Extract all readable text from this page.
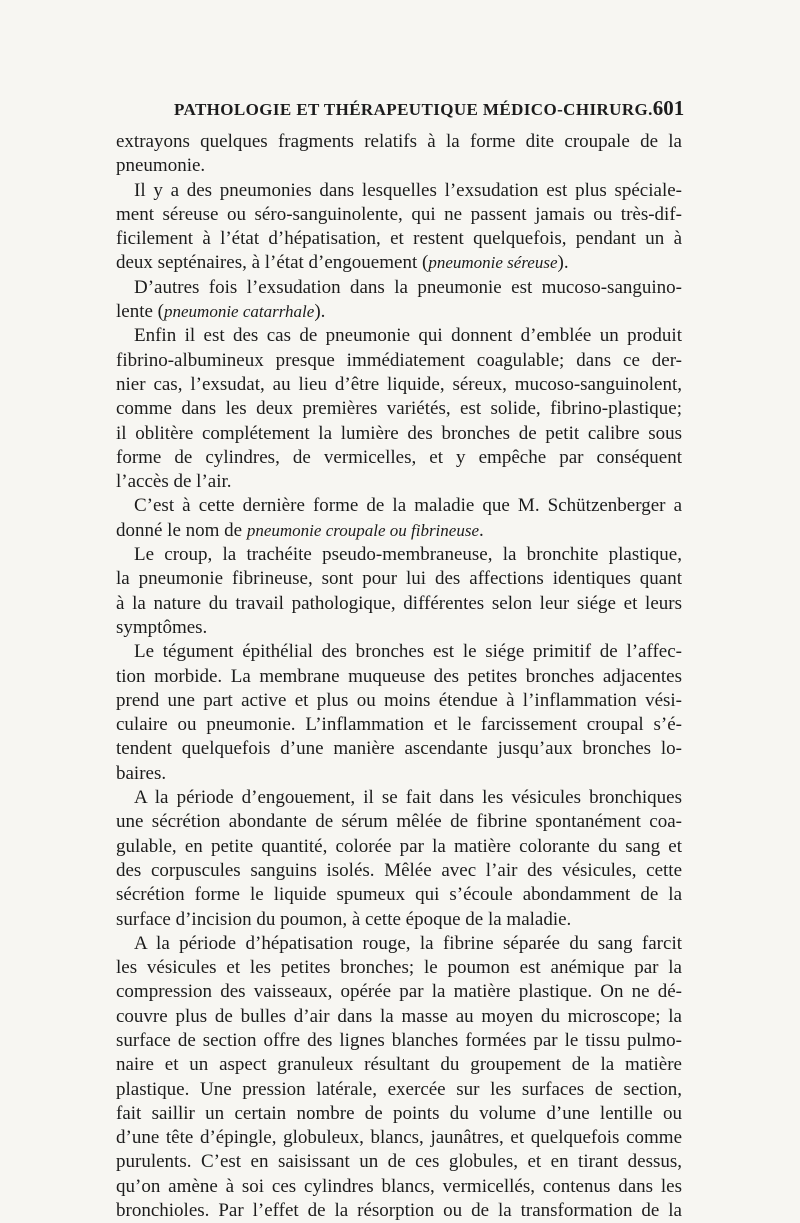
PATHOLOGIE ET THÉRAPEUTIQUE MÉDICO-CHIRURG. 601
extrayons quelques fragments relatifs à la forme dite croupale de la
pneumonie.
Il y a des pneumonies dans lesquelles l’exsudation est plus spéciale-
ment séreuse ou séro-sanguinolente, qui ne passent jamais ou très-dif-
ficilement à l’état d’hépatisation, et restent quelquefois, pendant un à
deux septénaires, à l’état d’engouement (pneumonie séreuse).
D’autres fois l’exsudation dans la pneumonie est mucoso-sanguino-
lente (pneumonie catarrhale).
Enfin il est des cas de pneumonie qui donnent d’emblée un produit
fibrino-albumineux presque immédiatement coagulable; dans ce der-
nier cas, l’exsudat, au lieu d’être liquide, séreux, mucoso-sanguinolent,
comme dans les deux premières variétés, est solide, fibrino-plastique;
il oblitère complétement la lumière des bronches de petit calibre sous
forme de cylindres, de vermicelles, et y empêche par conséquent
l’accès de l’air.
C’est à cette dernière forme de la maladie que M. Schützenberger a
donné le nom de pneumonie croupale ou fibrineuse.
Le croup, la trachéite pseudo-membraneuse, la bronchite plastique,
la pneumonie fibrineuse, sont pour lui des affections identiques quant
à la nature du travail pathologique, différentes selon leur siége et leurs
symptômes.
Le tégument épithélial des bronches est le siége primitif de l’affec-
tion morbide. La membrane muqueuse des petites bronches adjacentes
prend une part active et plus ou moins étendue à l’inflammation vési-
culaire ou pneumonie. L’inflammation et le farcissement croupal s’é-
tendent quelquefois d’une manière ascendante jusqu’aux bronches lo-
baires.
A la période d’engouement, il se fait dans les vésicules bronchiques
une sécrétion abondante de sérum mêlée de fibrine spontanément coa-
gulable, en petite quantité, colorée par la matière colorante du sang et
des corpuscules sanguins isolés. Mêlée avec l’air des vésicules, cette
sécrétion forme le liquide spumeux qui s’écoule abondamment de la
surface d’incision du poumon, à cette époque de la maladie.
A la période d’hépatisation rouge, la fibrine séparée du sang farcit
les vésicules et les petites bronches; le poumon est anémique par la
compression des vaisseaux, opérée par la matière plastique. On ne dé-
couvre plus de bulles d’air dans la masse au moyen du microscope; la
surface de section offre des lignes blanches formées par le tissu pulmo-
naire et un aspect granuleux résultant du groupement de la matière
plastique. Une pression latérale, exercée sur les surfaces de section,
fait saillir un certain nombre de points du volume d’une lentille ou
d’une tête d’épingle, globuleux, blancs, jaunâtres, et quelquefois comme
purulents. C’est en saisissant un de ces globules, et en tirant dessus,
qu’on amène à soi ces cylindres blancs, vermicellés, contenus dans les
bronchioles. Par l’effet de la résorption ou de la transformation de la
